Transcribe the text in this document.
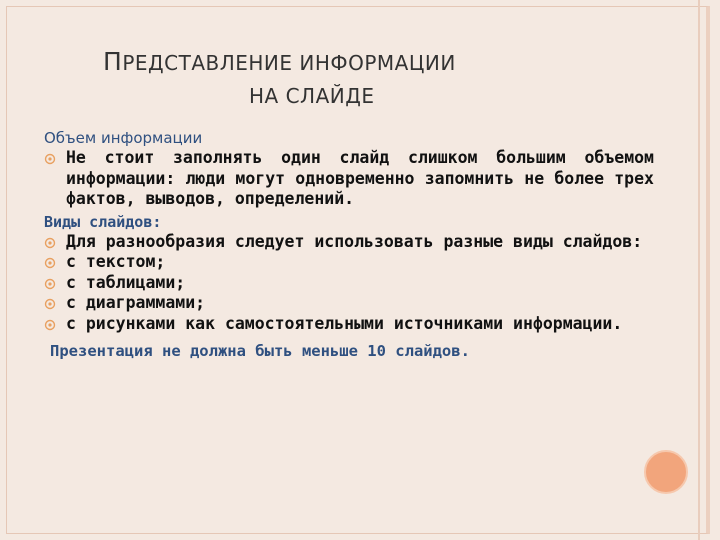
ПРЕДСТАВЛЕНИЕ ИНФОРМАЦИИ
НА СЛАЙДЕ
Объем информации
Не стоит заполнять один слайд слишком большим объемом информации: люди могут одновременно запомнить не более трех фактов, выводов, определений.
Виды слайдов:
Для разнообразия следует использовать разные виды слайдов:
с текстом;
с таблицами;
с диаграммами;
с рисунками как самостоятельными источниками информации.
Презентация не должна быть меньше 10 слайдов.
